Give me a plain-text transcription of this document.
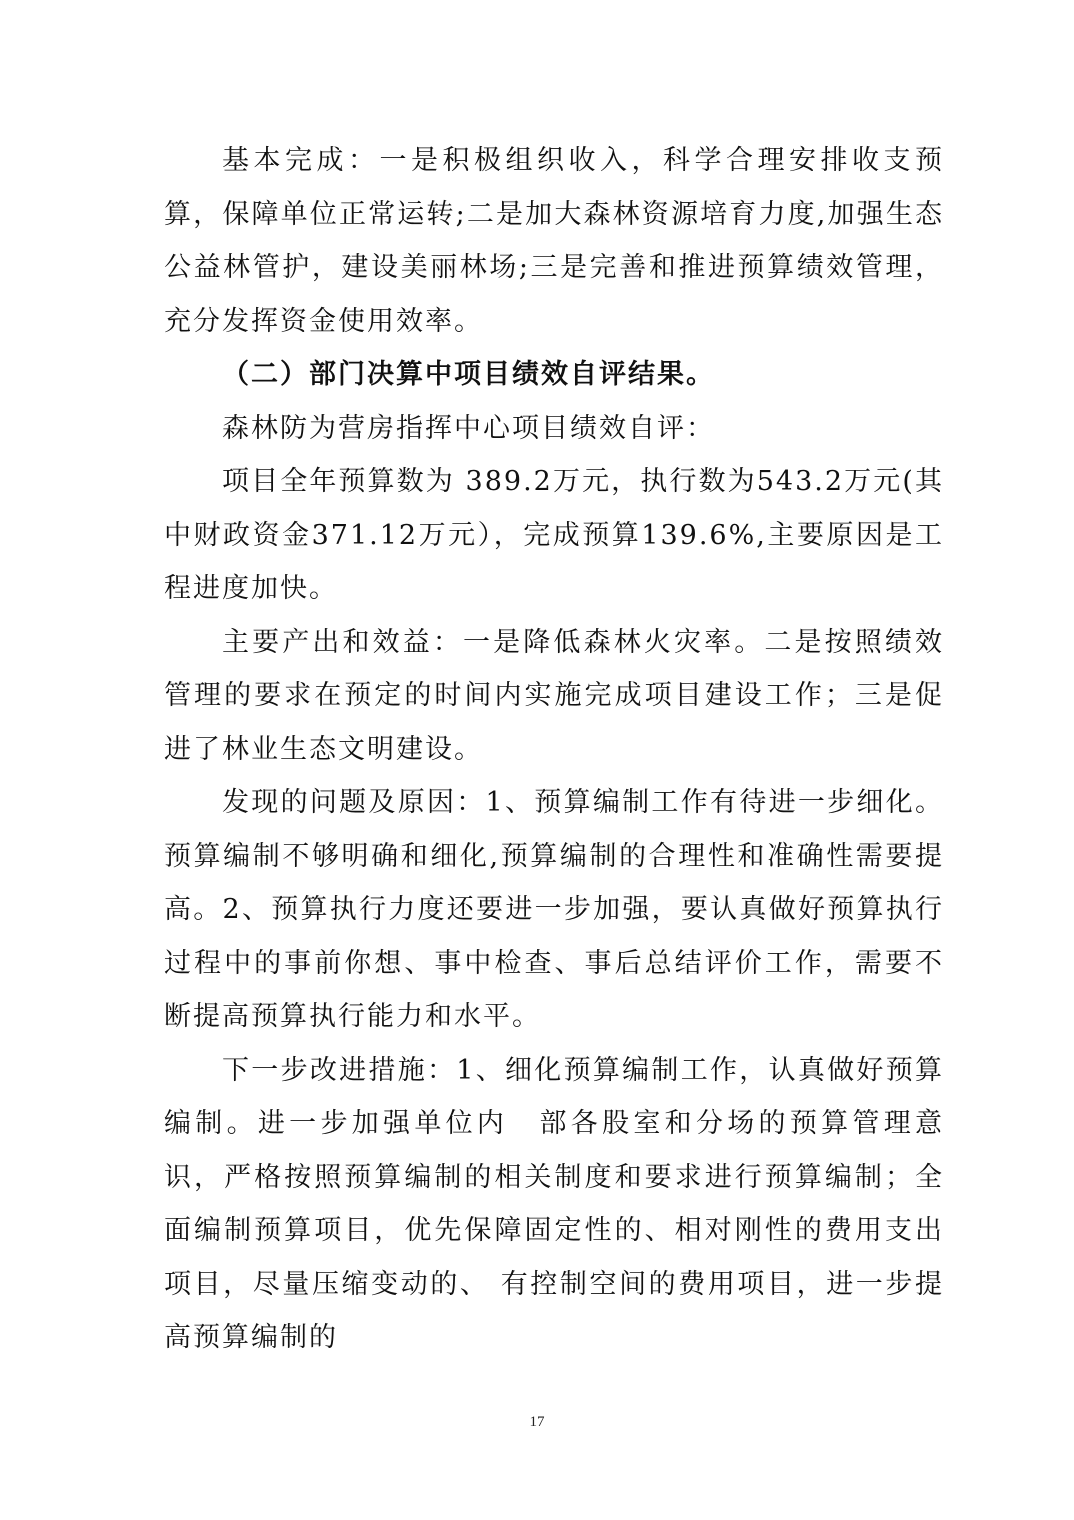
基本完成：一是积极组织收入，科学合理安排收支预算，保障单位正常运转;二是加大森林资源培育力度,加强生态公益林管护，建设美丽林场;三是完善和推进预算绩效管理，充分发挥资金使用效率。

（二）部门决算中项目绩效自评结果。

森林防为营房指挥中心项目绩效自评：

项目全年预算数为 389.2万元，执行数为543.2万元(其中财政资金371.12万元），完成预算139.6%,主要原因是工程进度加快。

主要产出和效益：一是降低森林火灾率。二是按照绩效管理的要求在预定的时间内实施完成项目建设工作；三是促进了林业生态文明建设。

发现的问题及原因：1、预算编制工作有待进一步细化。预算编制不够明确和细化,预算编制的合理性和准确性需要提高。2、预算执行力度还要进一步加强，要认真做好预算执行过程中的事前你想、事中检查、事后总结评价工作，需要不断提高预算执行能力和水平。

下一步改进措施：1、细化预算编制工作，认真做好预算编制。进一步加强单位内　部各股室和分场的预算管理意识，严格按照预算编制的相关制度和要求进行预算编制；全面编制预算项目，优先保障固定性的、相对刚性的费用支出项目，尽量压缩变动的、 有控制空间的费用项目，进一步提高预算编制的

17
